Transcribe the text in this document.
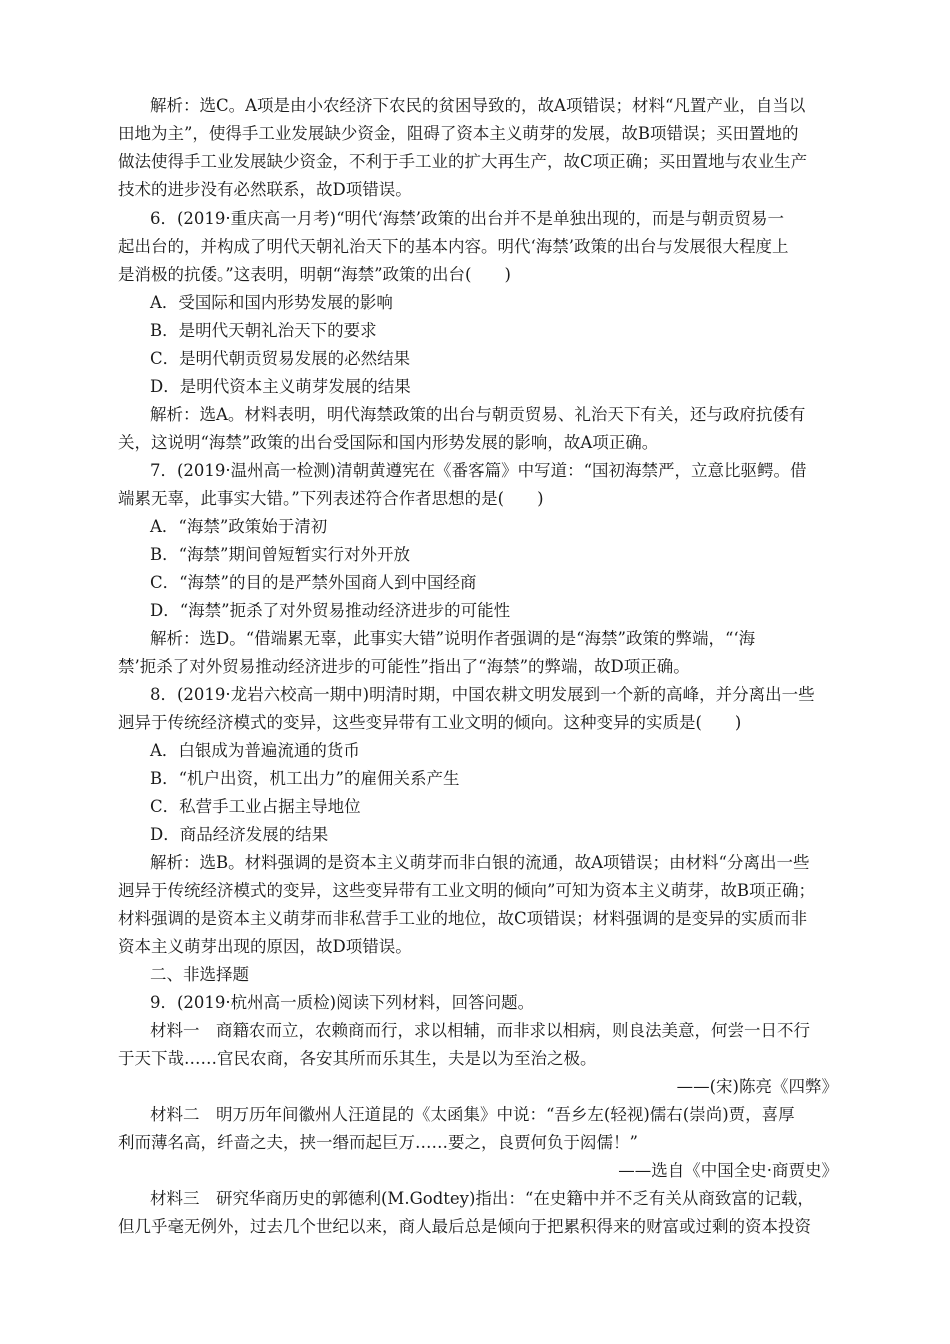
解析：选C。A项是由小农经济下农民的贫困导致的，故A项错误；材料“凡置产业，自当以
田地为主”，使得手工业发展缺少资金，阻碍了资本主义萌芽的发展，故B项错误；买田置地的
做法使得手工业发展缺少资金，不利于手工业的扩大再生产，故C项正确；买田置地与农业生产
技术的进步没有必然联系，故D项错误。
6．(2019·重庆高一月考)“明代‘海禁’政策的出台并不是单独出现的，而是与朝贡贸易一
起出台的，并构成了明代天朝礼治天下的基本内容。明代‘海禁’政策的出台与发展很大程度上
是消极的抗倭。”这表明，明朝“海禁”政策的出台(　　)
A．受国际和国内形势发展的影响
B．是明代天朝礼治天下的要求
C．是明代朝贡贸易发展的必然结果
D．是明代资本主义萌芽发展的结果
解析：选A。材料表明，明代海禁政策的出台与朝贡贸易、礼治天下有关，还与政府抗倭有
关，这说明“海禁”政策的出台受国际和国内形势发展的影响，故A项正确。
7．(2019·温州高一检测)清朝黄遵宪在《番客篇》中写道：“国初海禁严，立意比驱鳄。借
端累无辜，此事实大错。”下列表述符合作者思想的是(　　)
A．“海禁”政策始于清初
B．“海禁”期间曾短暂实行对外开放
C．“海禁”的目的是严禁外国商人到中国经商
D．“海禁”扼杀了对外贸易推动经济进步的可能性
解析：选D。“借端累无辜，此事实大错”说明作者强调的是“海禁”政策的弊端，“‘海
禁’扼杀了对外贸易推动经济进步的可能性”指出了“海禁”的弊端，故D项正确。
8．(2019·龙岩六校高一期中)明清时期，中国农耕文明发展到一个新的高峰，并分离出一些
迥异于传统经济模式的变异，这些变异带有工业文明的倾向。这种变异的实质是(　　)
A．白银成为普遍流通的货币
B．“机户出资，机工出力”的雇佣关系产生
C．私营手工业占据主导地位
D．商品经济发展的结果
解析：选B。材料强调的是资本主义萌芽而非白银的流通，故A项错误；由材料“分离出一些
迥异于传统经济模式的变异，这些变异带有工业文明的倾向”可知为资本主义萌芽，故B项正确；
材料强调的是资本主义萌芽而非私营手工业的地位，故C项错误；材料强调的是变异的实质而非
资本主义萌芽出现的原因，故D项错误。
二、非选择题
9．(2019·杭州高一质检)阅读下列材料，回答问题。
材料一　商籍农而立，农赖商而行，求以相辅，而非求以相病，则良法美意，何尝一日不行
于天下哉……官民农商，各安其所而乐其生，夫是以为至治之极。
——(宋)陈亮《四弊》
材料二　明万历年间徽州人汪道昆的《太函集》中说：“吾乡左(轻视)儒右(崇尚)贾，喜厚
利而薄名高，纤啬之夫，挟一缗而起巨万……要之，良贾何负于闳儒！”
——选自《中国全史·商贾史》
材料三　研究华商历史的郭德利(M.Godtey)指出：“在史籍中并不乏有关从商致富的记载，
但几乎毫无例外，过去几个世纪以来，商人最后总是倾向于把累积得来的财富或过剩的资本投资
